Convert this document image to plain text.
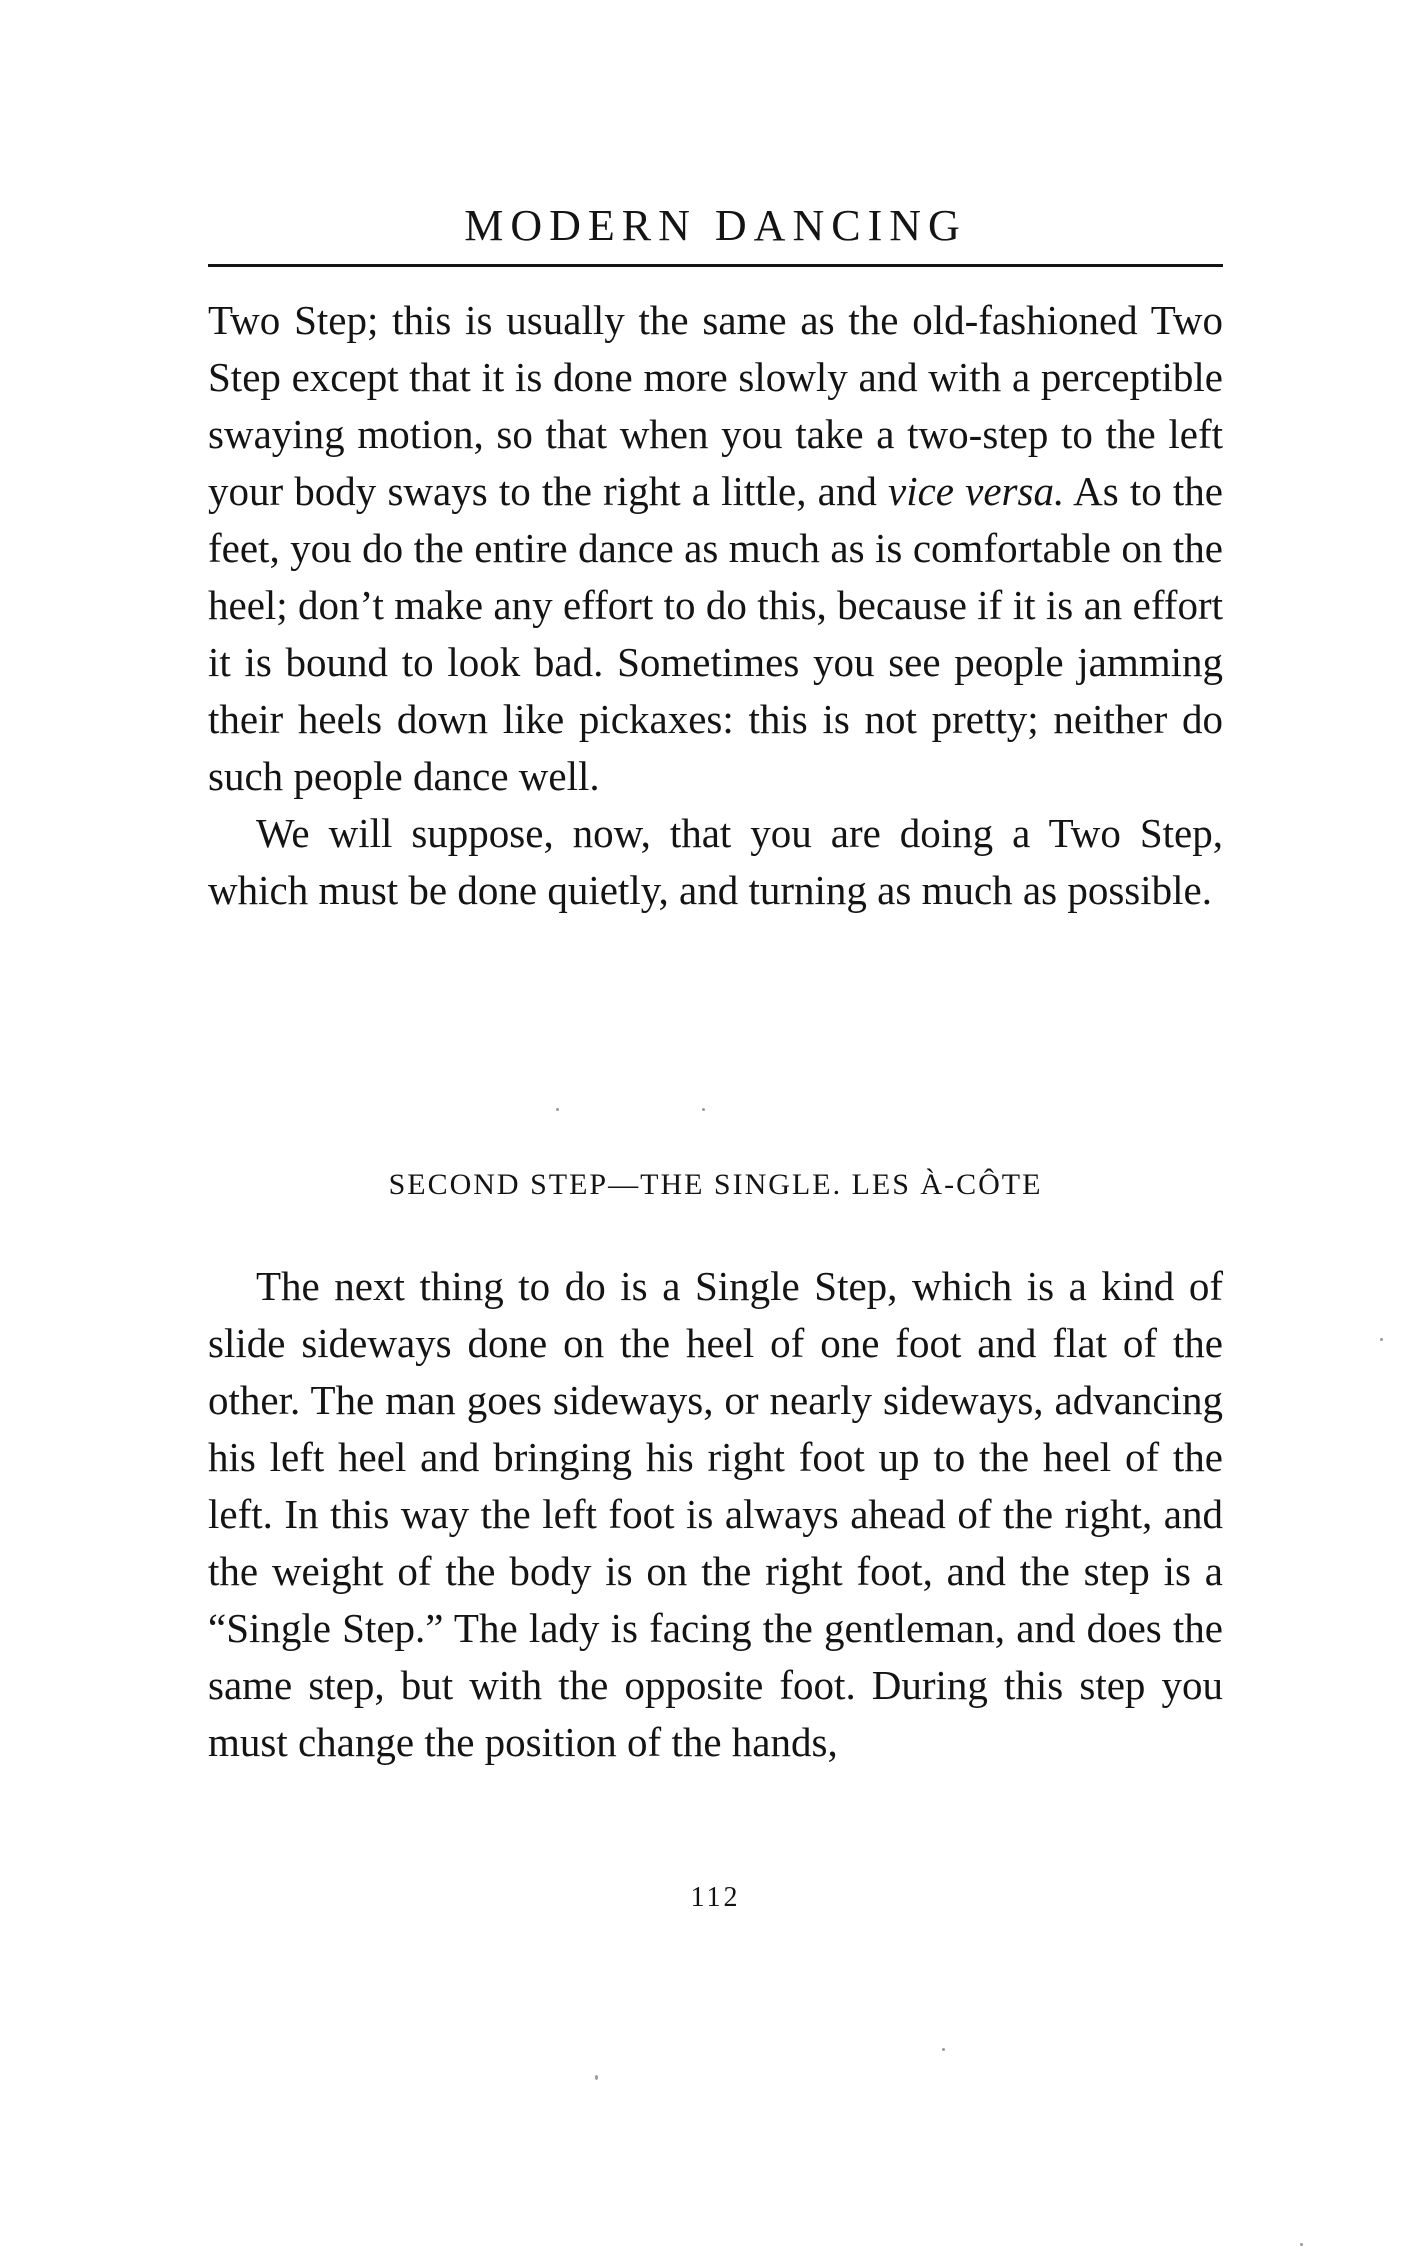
MODERN DANCING

Two Step; this is usually the same as the old-fashioned Two Step except that it is done more slowly and with a perceptible swaying motion, so that when you take a two-step to the left your body sways to the right a little, and vice versa. As to the feet, you do the entire dance as much as is comfortable on the heel; don’t make any effort to do this, because if it is an effort it is bound to look bad. Sometimes you see people jamming their heels down like pickaxes: this is not pretty; neither do such people dance well.

We will suppose, now, that you are doing a Two Step, which must be done quietly, and turning as much as possible.

SECOND STEP—THE SINGLE. LES À-CÔTE

The next thing to do is a Single Step, which is a kind of slide sideways done on the heel of one foot and flat of the other. The man goes sideways, or nearly sideways, advancing his left heel and bringing his right foot up to the heel of the left. In this way the left foot is always ahead of the right, and the weight of the body is on the right foot, and the step is a “Single Step.” The lady is facing the gentleman, and does the same step, but with the opposite foot. During this step you must change the position of the hands,

112
